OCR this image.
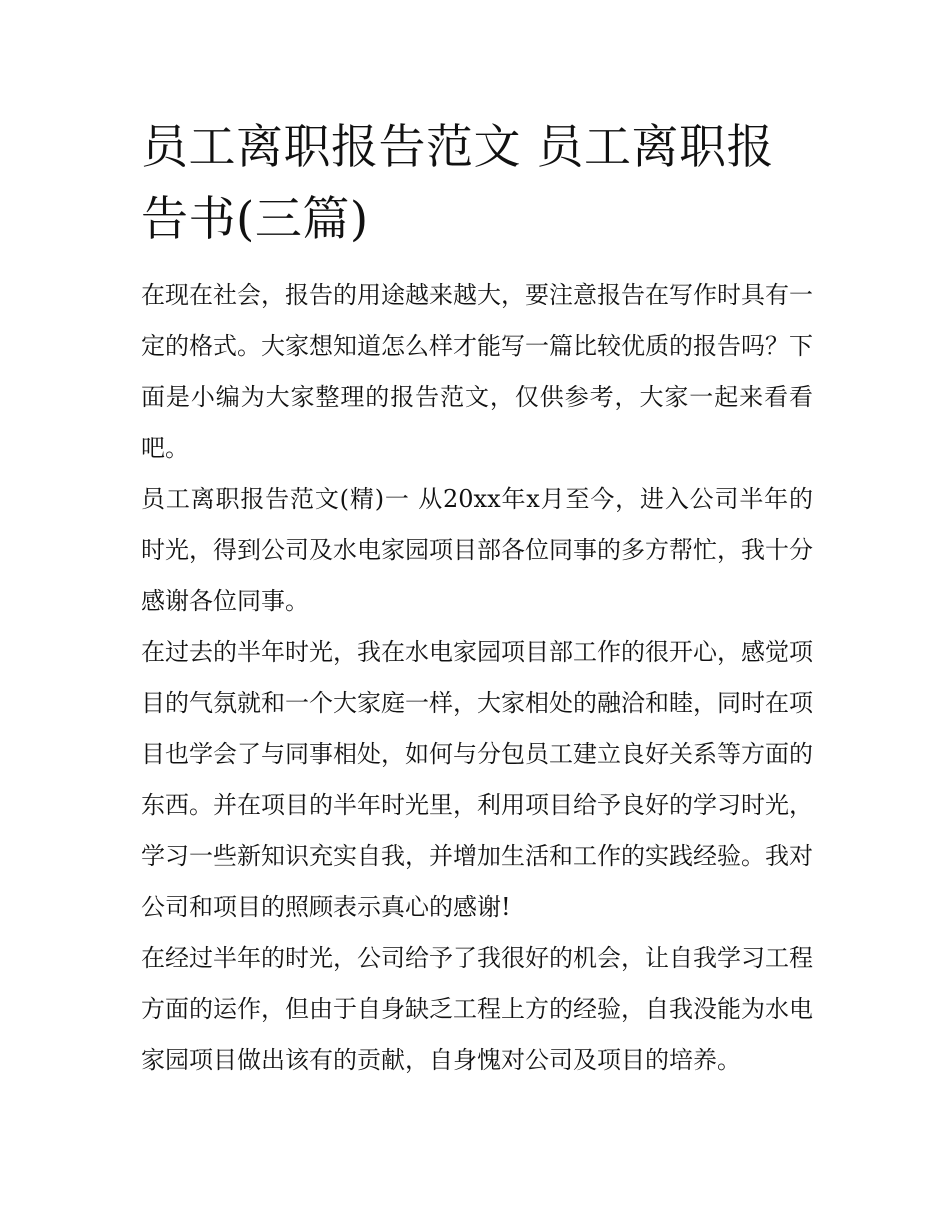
员工离职报告范文 员工离职报告书(三篇)

在现在社会，报告的用途越来越大，要注意报告在写作时具有一定的格式。大家想知道怎么样才能写一篇比较优质的报告吗？下面是小编为大家整理的报告范文，仅供参考，大家一起来看看吧。

员工离职报告范文(精)一 从20xx年x月至今，进入公司半年的时光，得到公司及水电家园项目部各位同事的多方帮忙，我十分感谢各位同事。

在过去的半年时光，我在水电家园项目部工作的很开心，感觉项目的气氛就和一个大家庭一样，大家相处的融洽和睦，同时在项目也学会了与同事相处，如何与分包员工建立良好关系等方面的东西。并在项目的半年时光里，利用项目给予良好的学习时光，学习一些新知识充实自我，并增加生活和工作的实践经验。我对公司和项目的照顾表示真心的感谢!

在经过半年的时光，公司给予了我很好的机会，让自我学习工程方面的运作，但由于自身缺乏工程上方的经验，自我没能为水电家园项目做出该有的贡献，自身愧对公司及项目的培养。
